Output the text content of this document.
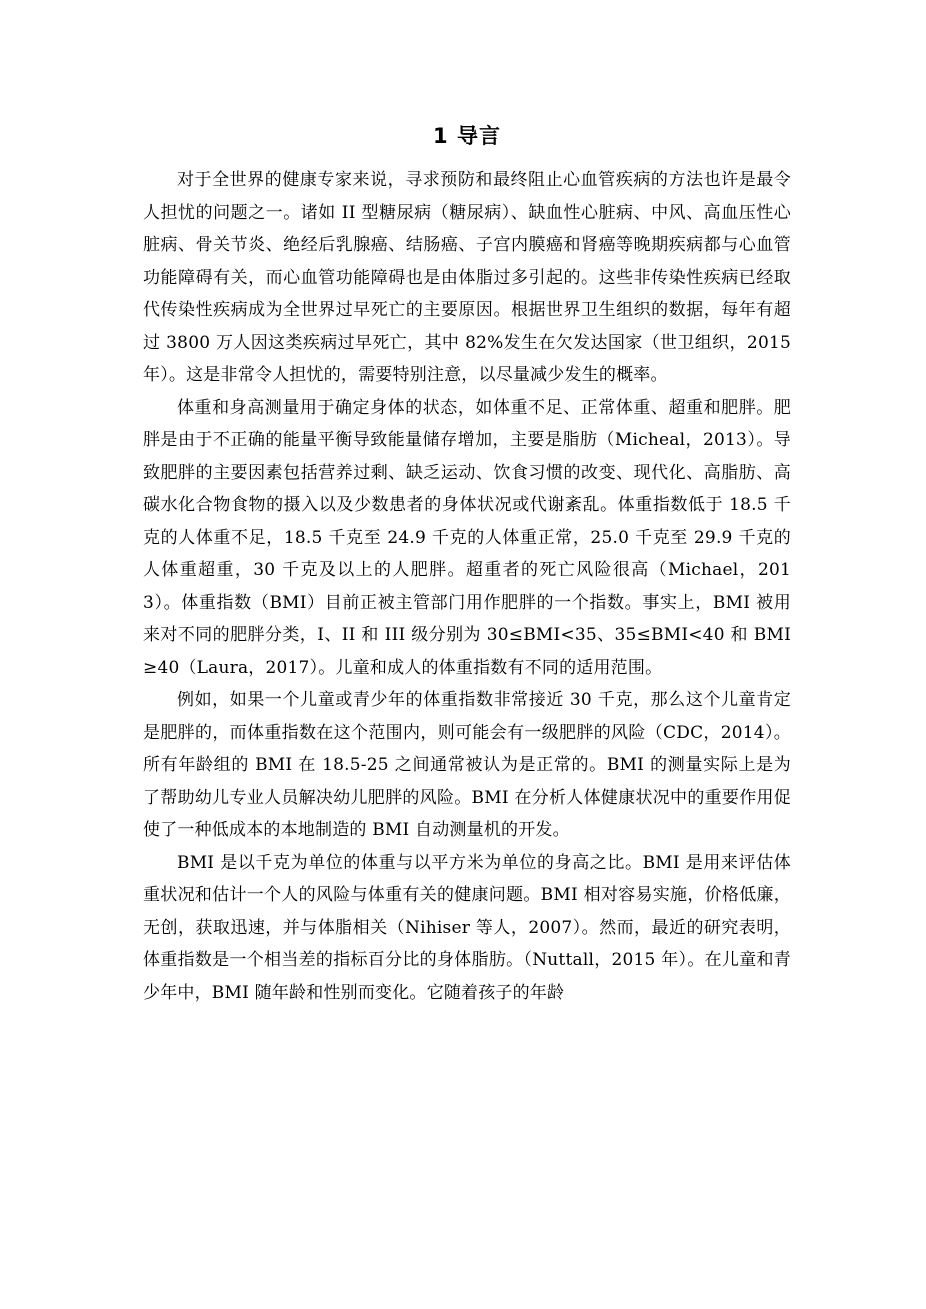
1 导言

对于全世界的健康专家来说，寻求预防和最终阻止心血管疾病的方法也许是最令人担忧的问题之一。诸如 II 型糖尿病（糖尿病）、缺血性心脏病、中风、高血压性心脏病、骨关节炎、绝经后乳腺癌、结肠癌、子宫内膜癌和肾癌等晚期疾病都与心血管功能障碍有关，而心血管功能障碍也是由体脂过多引起的。这些非传染性疾病已经取代传染性疾病成为全世界过早死亡的主要原因。根据世界卫生组织的数据，每年有超过 3800 万人因这类疾病过早死亡，其中 82%发生在欠发达国家（世卫组织，2015 年）。这是非常令人担忧的，需要特别注意，以尽量减少发生的概率。

体重和身高测量用于确定身体的状态，如体重不足、正常体重、超重和肥胖。肥胖是由于不正确的能量平衡导致能量储存增加，主要是脂肪（Micheal，2013）。导致肥胖的主要因素包括营养过剩、缺乏运动、饮食习惯的改变、现代化、高脂肪、高碳水化合物食物的摄入以及少数患者的身体状况或代谢紊乱。体重指数低于 18.5 千克的人体重不足，18.5 千克至 24.9 千克的人体重正常，25.0 千克至 29.9 千克的人体重超重，30 千克及以上的人肥胖。超重者的死亡风险很高（Michael，2013）。体重指数（BMI）目前正被主管部门用作肥胖的一个指数。事实上，BMI 被用来对不同的肥胖分类，I、II 和 III 级分别为 30≤BMI<35、35≤BMI<40 和 BMI≥40（Laura，2017）。儿童和成人的体重指数有不同的适用范围。

例如，如果一个儿童或青少年的体重指数非常接近 30 千克，那么这个儿童肯定是肥胖的，而体重指数在这个范围内，则可能会有一级肥胖的风险（CDC，2014）。所有年龄组的 BMI 在 18.5-25 之间通常被认为是正常的。BMI 的测量实际上是为了帮助幼儿专业人员解决幼儿肥胖的风险。BMI 在分析人体健康状况中的重要作用促使了一种低成本的本地制造的 BMI 自动测量机的开发。

BMI 是以千克为单位的体重与以平方米为单位的身高之比。BMI 是用来评估体重状况和估计一个人的风险与体重有关的健康问题。BMI 相对容易实施，价格低廉，无创，获取迅速，并与体脂相关（Nihiser 等人，2007）。然而，最近的研究表明，体重指数是一个相当差的指标百分比的身体脂肪。（Nuttall，2015 年）。在儿童和青少年中，BMI 随年龄和性别而变化。它随着孩子的年龄
